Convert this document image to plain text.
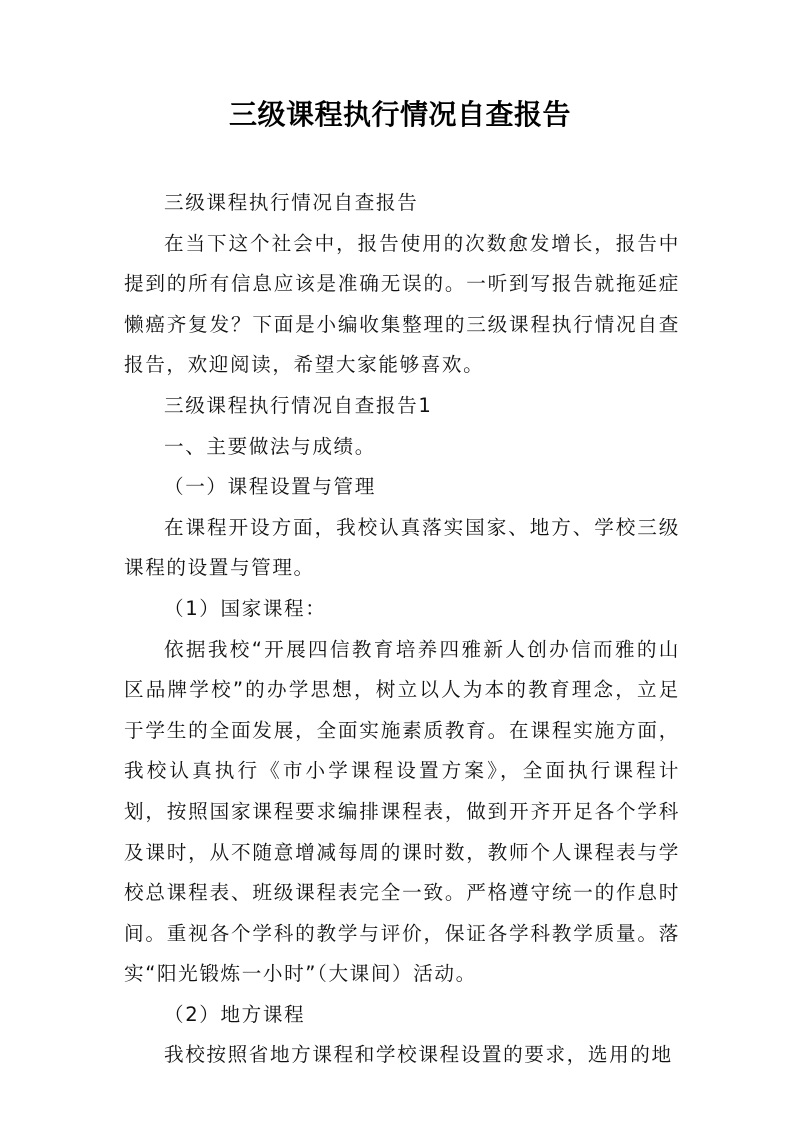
三级课程执行情况自查报告

三级课程执行情况自查报告

在当下这个社会中，报告使用的次数愈发增长，报告中提到的所有信息应该是准确无误的。一听到写报告就拖延症懒癌齐复发？下面是小编收集整理的三级课程执行情况自查报告，欢迎阅读，希望大家能够喜欢。

三级课程执行情况自查报告1

一、主要做法与成绩。

（一）课程设置与管理

在课程开设方面，我校认真落实国家、地方、学校三级课程的设置与管理。

（1）国家课程：

依据我校“开展四信教育培养四雅新人创办信而雅的山区品牌学校”的办学思想，树立以人为本的教育理念，立足于学生的全面发展，全面实施素质教育。在课程实施方面，我校认真执行《市小学课程设置方案》，全面执行课程计划，按照国家课程要求编排课程表，做到开齐开足各个学科及课时，从不随意增减每周的课时数，教师个人课程表与学校总课程表、班级课程表完全一致。严格遵守统一的作息时间。重视各个学科的教学与评价，保证各学科教学质量。落实“阳光锻炼一小时”（大课间）活动。

（2）地方课程

我校按照省地方课程和学校课程设置的要求，选用的地
